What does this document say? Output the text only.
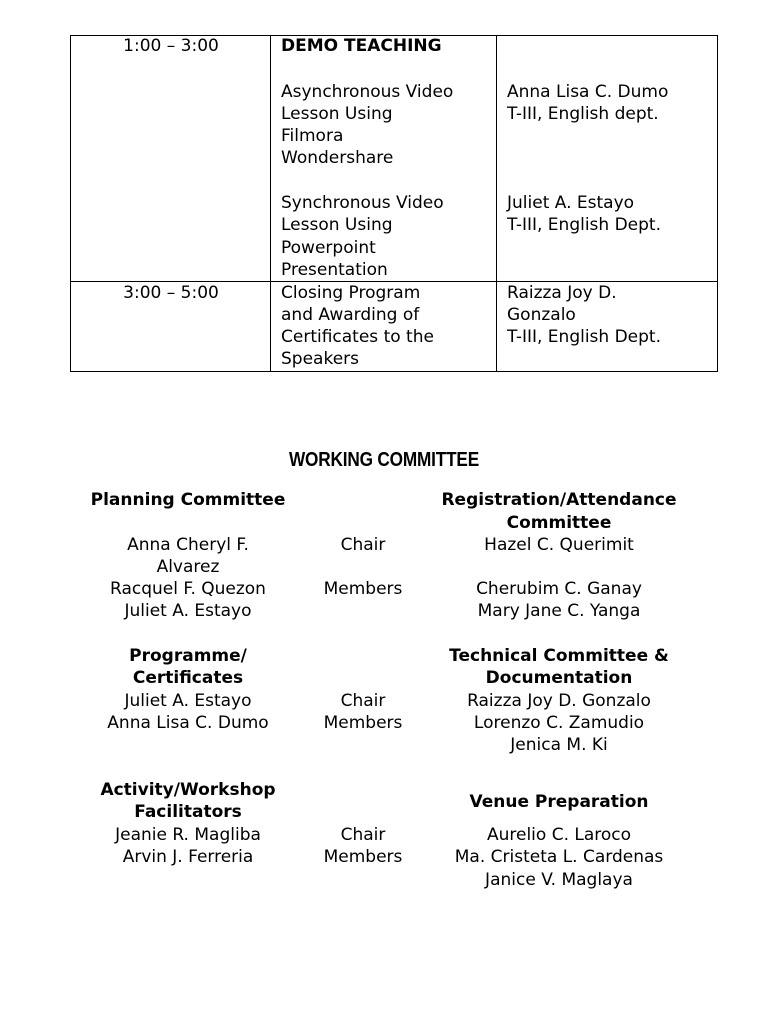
1:00 – 3:00	DEMO TEACHING
Asynchronous Video
Lesson Using
Filmora
Wondershare
Anna Lisa C. Dumo
T-III, English dept.
Synchronous Video
Lesson Using
Powerpoint
Presentation
Juliet A. Estayo
T-III, English Dept.
3:00 – 5:00	Closing Program
and Awarding of
Certificates to the
Speakers
Raizza Joy D.
Gonzalo
T-III, English Dept.
WORKING COMMITTEE
Planning Committee
Anna Cheryl F.
Alvarez
Racquel F. Quezon
Juliet A. Estayo
Chair
Members
Registration/Attendance
Committee
Hazel C. Querimit
Cherubim C. Ganay
Mary Jane C. Yanga
Programme/
Certificates
Juliet A. Estayo
Anna Lisa C. Dumo
Chair
Members
Technical Committee &
Documentation
Raizza Joy D. Gonzalo
Lorenzo C. Zamudio
Jenica M. Ki
Activity/Workshop
Facilitators
Jeanie R. Magliba
Arvin J. Ferreria
Chair
Members
Venue Preparation
Aurelio C. Laroco
Ma. Cristeta L. Cardenas
Janice V. Maglaya
